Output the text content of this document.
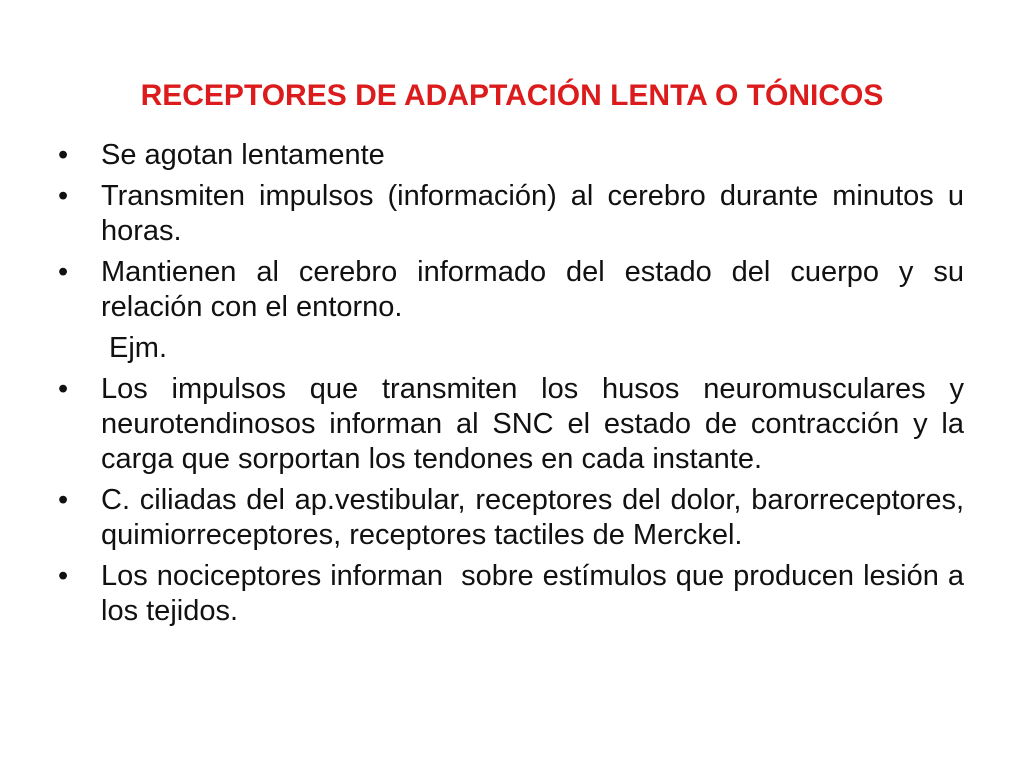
RECEPTORES DE ADAPTACIÓN LENTA O TÓNICOS
•	Se agotan lentamente
•	Transmiten impulsos (información) al cerebro durante minutos u horas.
•	Mantienen al cerebro informado del estado del cuerpo y su relación con el entorno.
Ejm.
•	Los impulsos que transmiten los husos neuromusculares y neurotendinosos informan al SNC el estado de contracción y la carga que sorportan los tendones en cada instante.
•	C. ciliadas del ap.vestibular, receptores del dolor, barorreceptores, quimiorreceptores, receptores tactiles de Merckel.
•	Los nociceptores informan  sobre estímulos que producen lesión a los tejidos.
